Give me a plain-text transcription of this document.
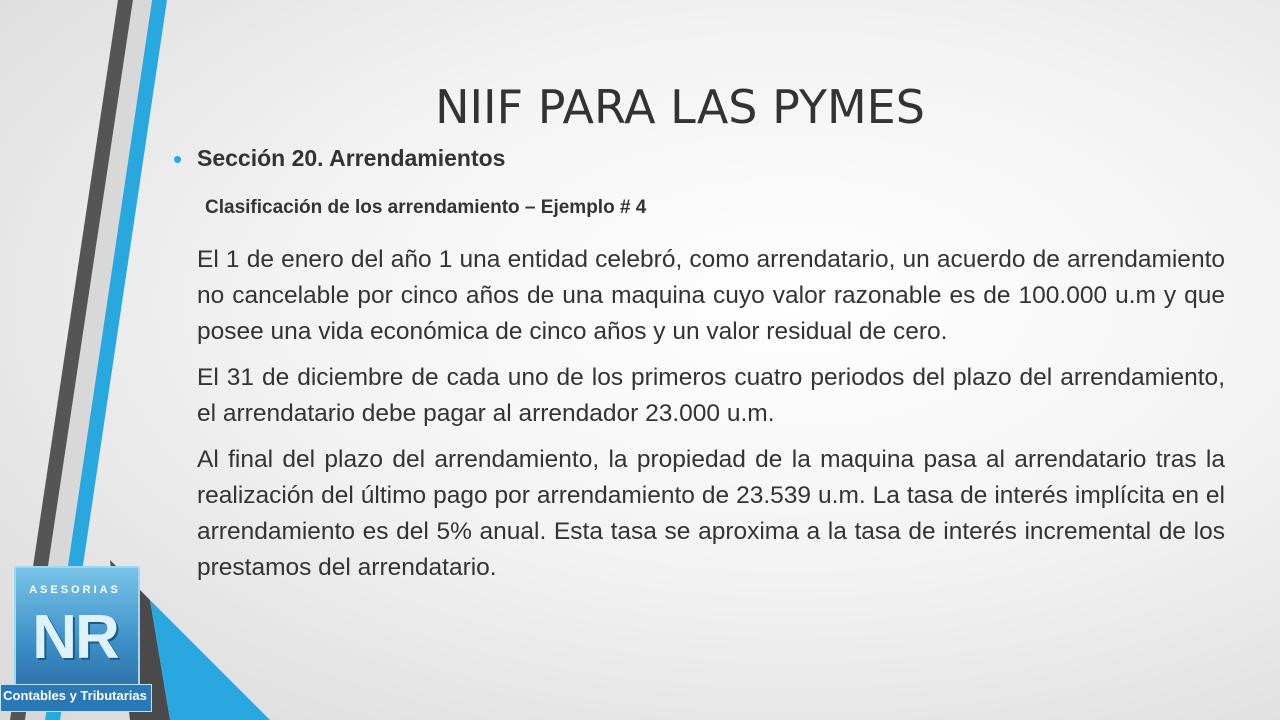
NIIF PARA LAS PYMES
• Sección 20. Arrendamientos
Clasificación de los arrendamiento – Ejemplo # 4

El 1 de enero del año 1 una entidad celebró, como arrendatario, un acuerdo de arrendamiento no cancelable por cinco años de una maquina cuyo valor razonable es de 100.000 u.m y que posee una vida económica de cinco años y un valor residual de cero.

El 31 de diciembre de cada uno de los primeros cuatro periodos del plazo del arrendamiento, el arrendatario debe pagar al arrendador 23.000 u.m.

Al final del plazo del arrendamiento, la propiedad de la maquina pasa al arrendatario tras la realización del último pago por arrendamiento de 23.539 u.m. La tasa de interés implícita en el arrendamiento es del 5% anual. Esta tasa se aproxima a la tasa de interés incremental de los prestamos del arrendatario.

ASESORIAS
NR
Contables y Tributarias
